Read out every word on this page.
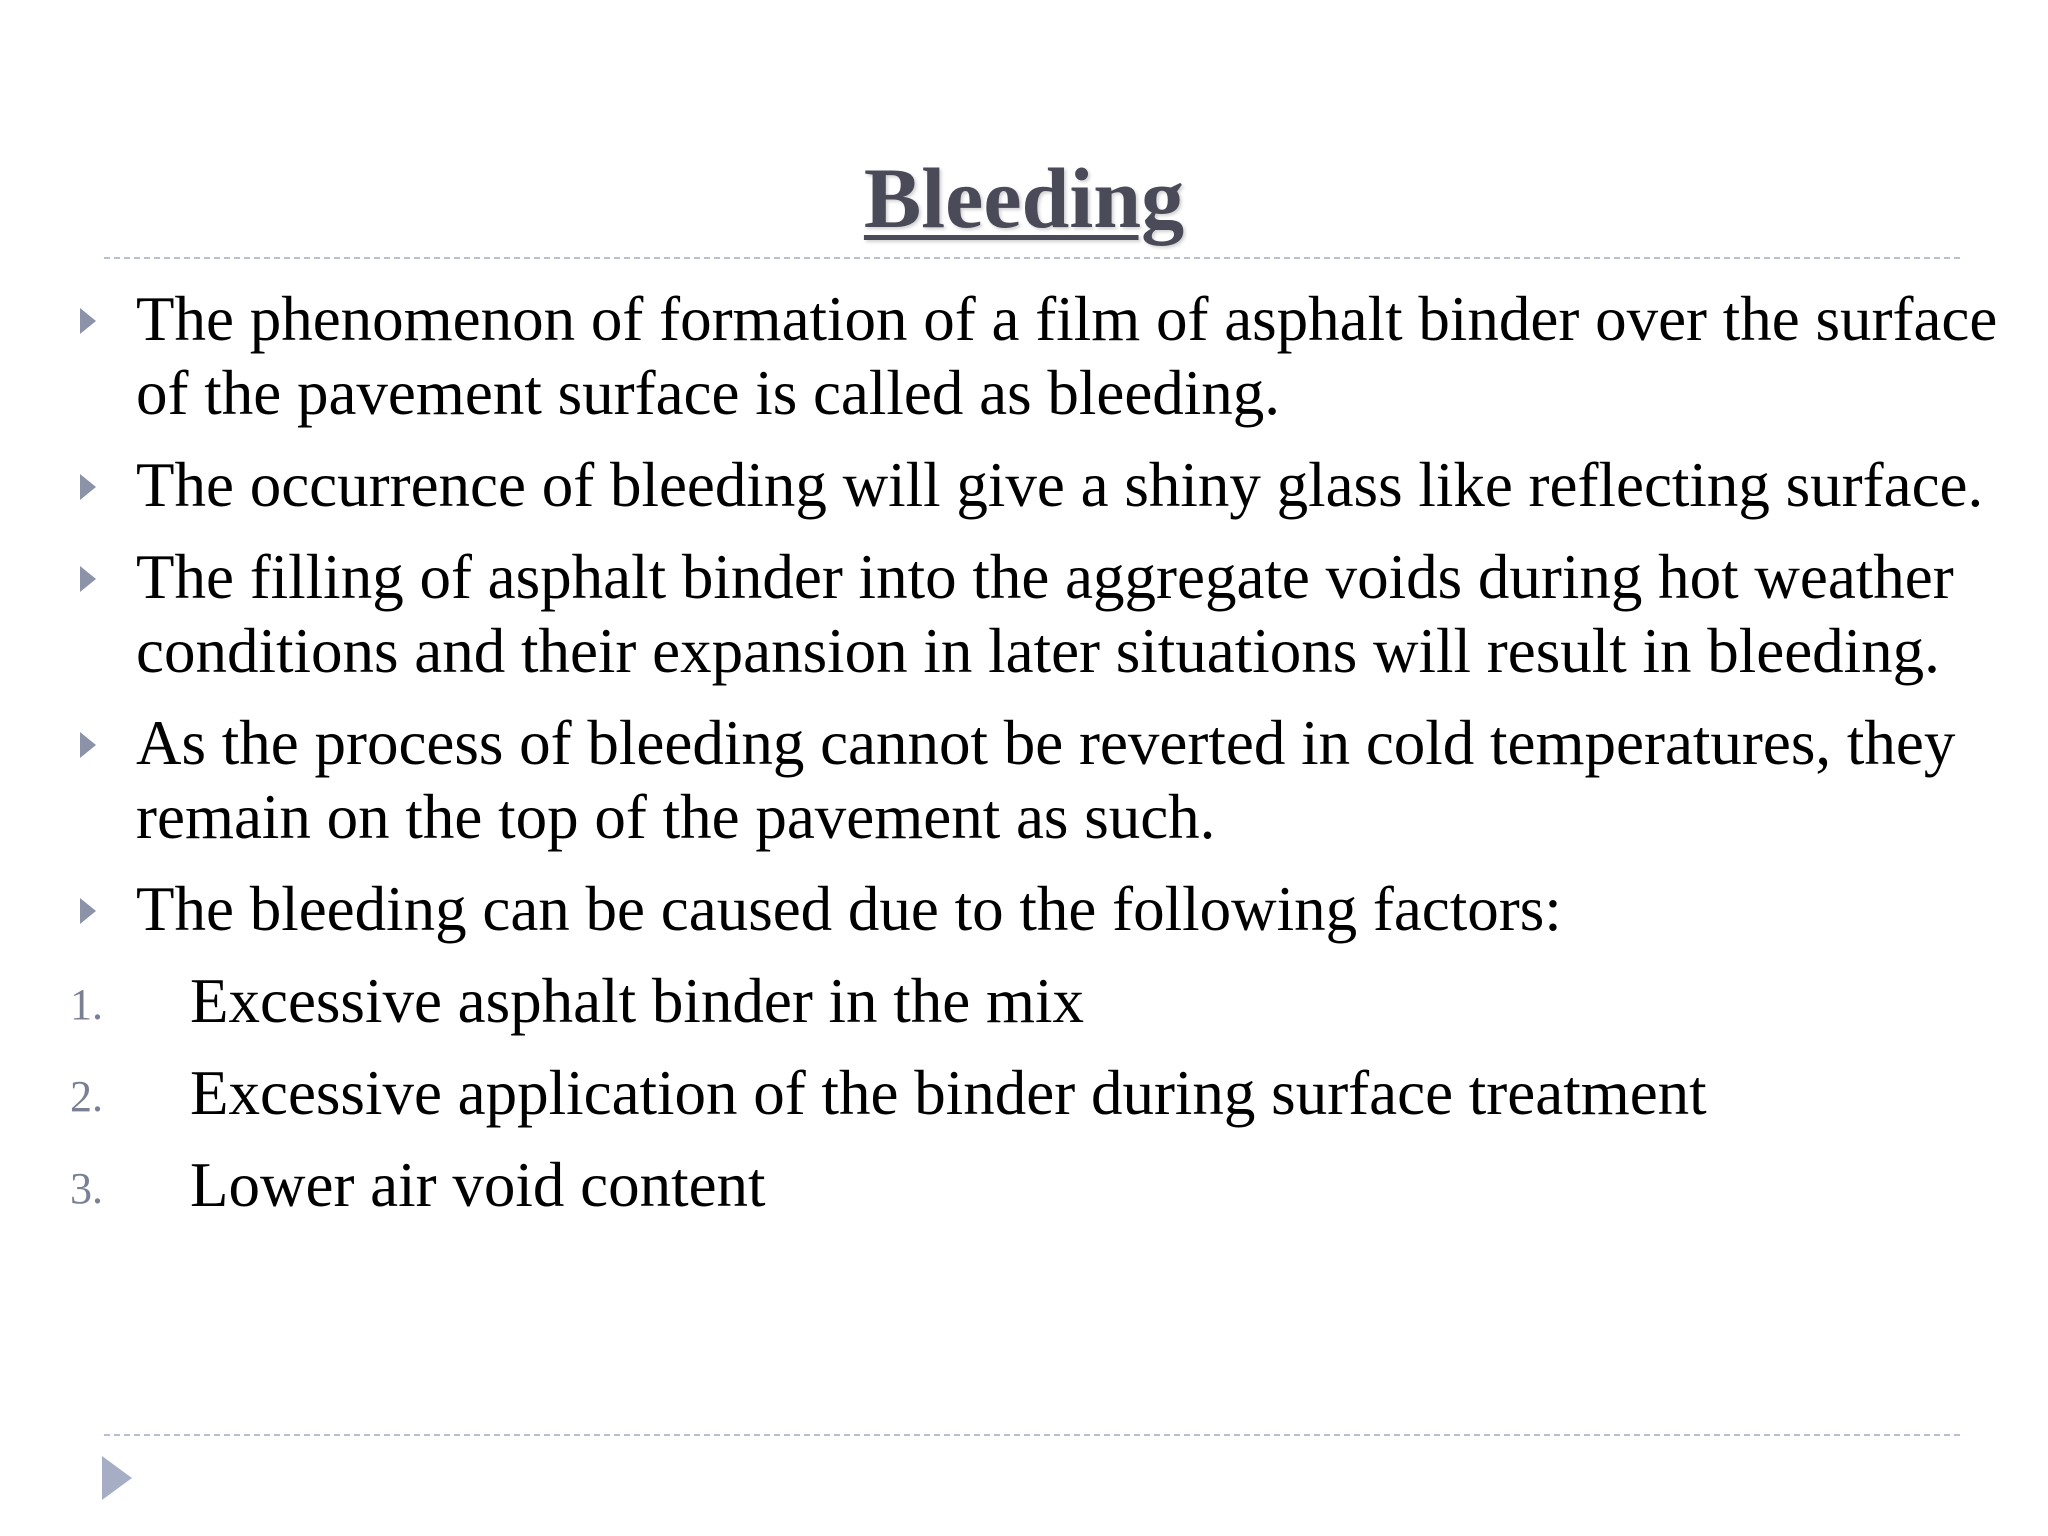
Bleeding
The phenomenon of formation of a film of asphalt binder over the surface of the pavement surface is called as bleeding.
The occurrence of bleeding will give a shiny glass like reflecting surface.
The filling of asphalt binder into the aggregate voids during hot weather conditions and their expansion in later situations will result in bleeding.
As the process of bleeding cannot be reverted in cold temperatures, they remain on the top of the pavement as such.
The bleeding can be caused due to the following factors:
1. Excessive asphalt binder in the mix
2. Excessive application of the binder during surface treatment
3. Lower air void content
